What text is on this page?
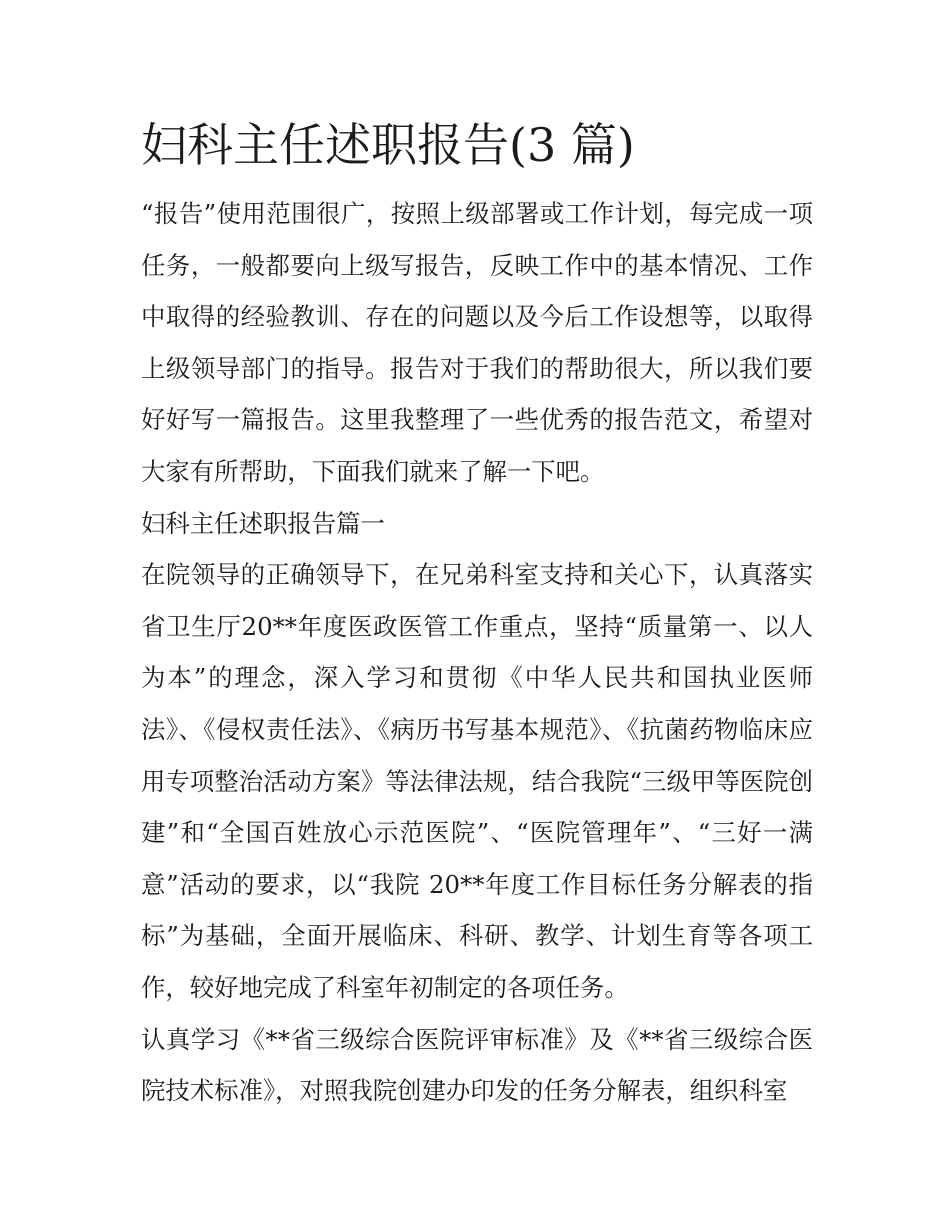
妇科主任述职报告(3 篇)

“报告”使用范围很广，按照上级部署或工作计划，每完成一项任务，一般都要向上级写报告，反映工作中的基本情况、工作中取得的经验教训、存在的问题以及今后工作设想等，以取得上级领导部门的指导。报告对于我们的帮助很大，所以我们要好好写一篇报告。这里我整理了一些优秀的报告范文，希望对大家有所帮助，下面我们就来了解一下吧。

妇科主任述职报告篇一

在院领导的正确领导下，在兄弟科室支持和关心下，认真落实省卫生厅20**年度医政医管工作重点，坚持“质量第一、以人为本”的理念，深入学习和贯彻《中华人民共和国执业医师法》、《侵权责任法》、《病历书写基本规范》、《抗菌药物临床应用专项整治活动方案》等法律法规，结合我院“三级甲等医院创建”和“全国百姓放心示范医院”、“医院管理年”、“三好一满意”活动的要求，以“我院 20**年度工作目标任务分解表的指标”为基础，全面开展临床、科研、教学、计划生育等各项工作，较好地完成了科室年初制定的各项任务。

认真学习《**省三级综合医院评审标准》及《**省三级综合医院技术标准》，对照我院创建办印发的任务分解表，组织科室
